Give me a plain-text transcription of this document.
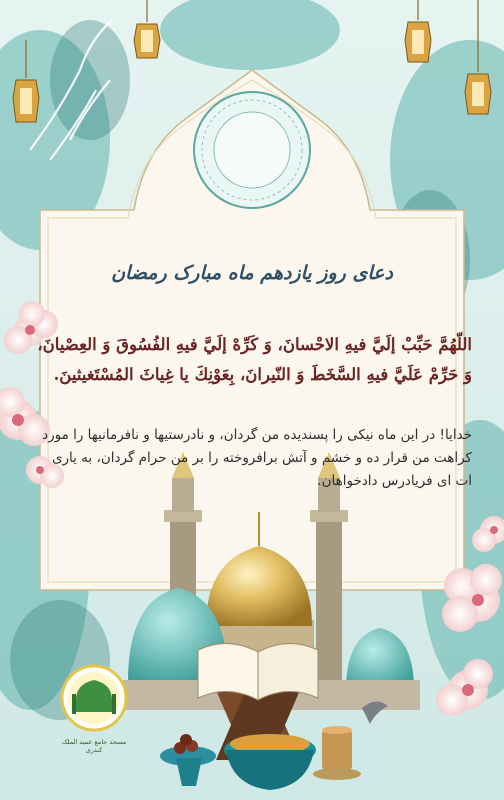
دعای روز یازدهم ماه مبارک رمضان
اللّهُمَّ حَبِّبْ إلَيَّ فيهِ الاحْسانَ، وَ كَرِّهْ إلَيَّ فيهِ الفُسُوقَ وَ العِصْيانَ،
وَ حَرِّمْ عَلَيَّ فيهِ السَّخَطَ وَ النّيرانَ، بِعَوْنِكَ يا غِياثَ المُسْتَغيثينَ.

خدایا! در این ماه نیکی را پسندیده من گردان، و نادرستیها و نافرمانیها را مورد کراهت من قرار ده و خشم و آتش برافروخته را بر من حرام گردان، به یاری ات ای فریادرس دادخواهان.

مسجد جامع عمید الملک کندری
